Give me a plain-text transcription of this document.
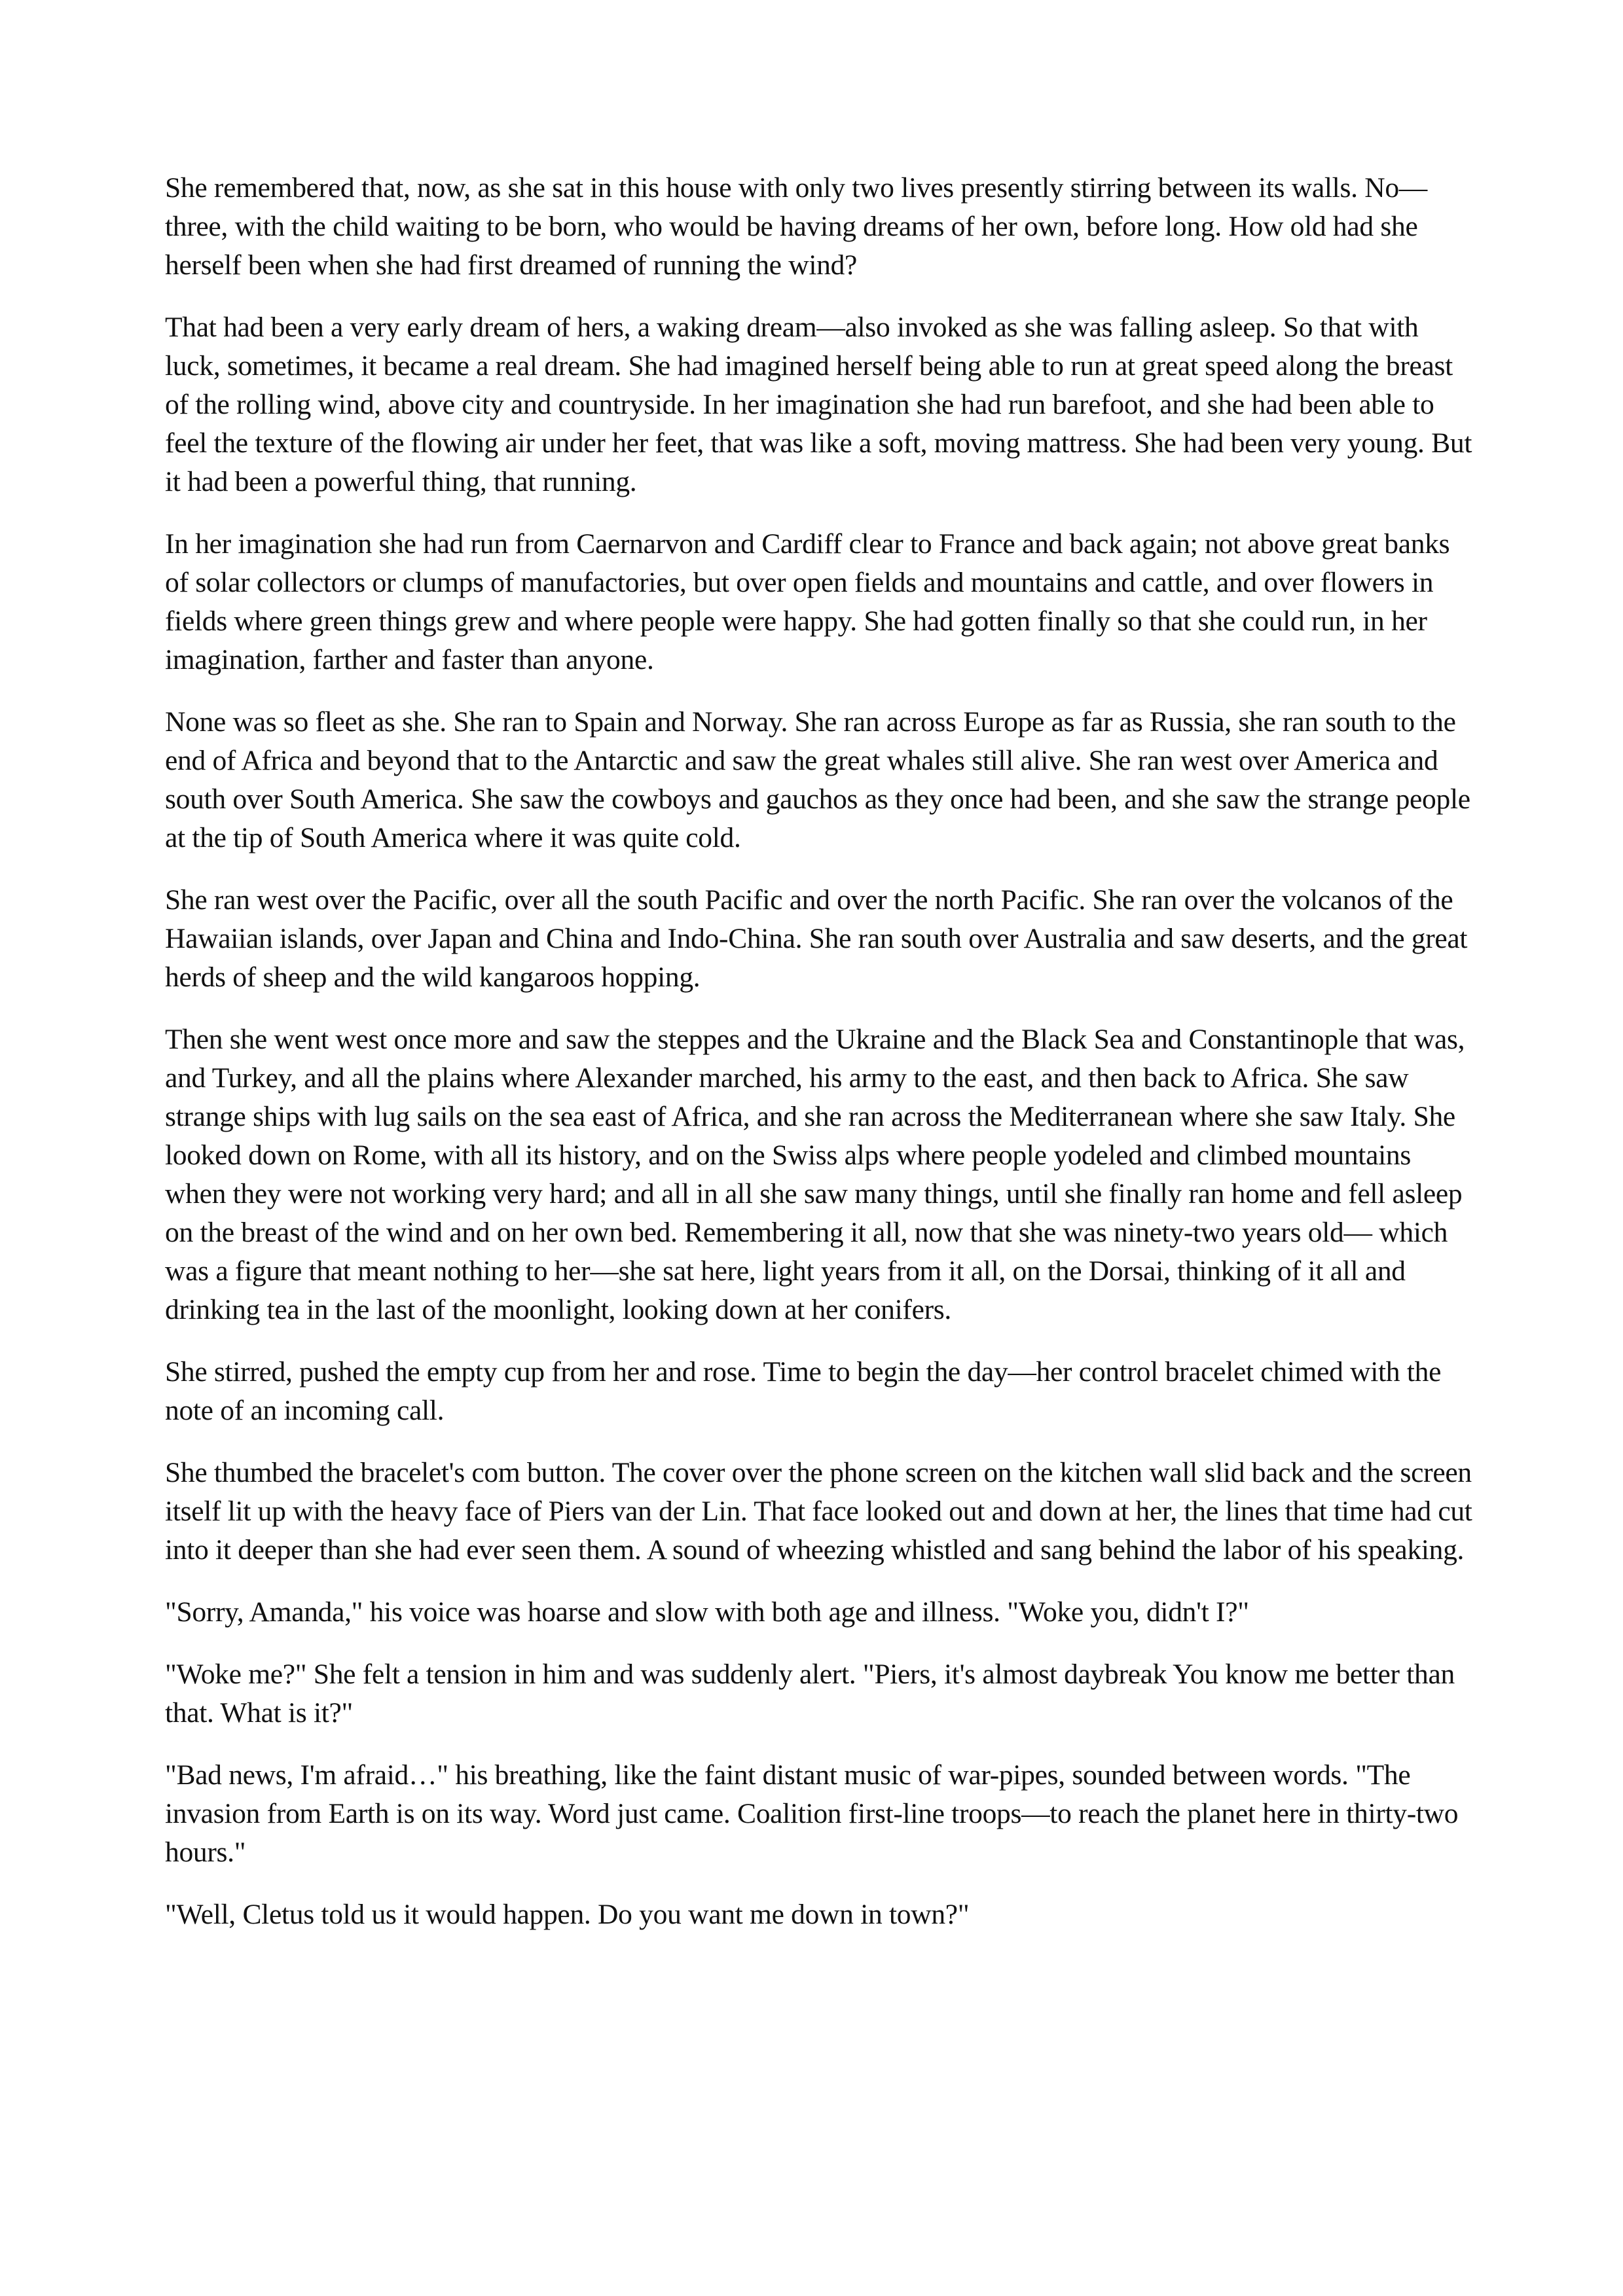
She remembered that, now, as she sat in this house with only two lives presently stirring between its walls. No— three, with the child waiting to be born, who would be having dreams of her own, before long. How old had she herself been when she had first dreamed of running the wind?

That had been a very early dream of hers, a waking dream—also invoked as she was falling asleep. So that with luck, sometimes, it became a real dream. She had imagined herself being able to run at great speed along the breast of the rolling wind, above city and countryside. In her imagination she had run barefoot, and she had been able to feel the texture of the flowing air under her feet, that was like a soft, moving mattress. She had been very young. But it had been a powerful thing, that running.

In her imagination she had run from Caernarvon and Cardiff clear to France and back again; not above great banks of solar collectors or clumps of manufactories, but over open fields and mountains and cattle, and over flowers in fields where green things grew and where people were happy. She had gotten finally so that she could run, in her imagination, farther and faster than anyone.

None was so fleet as she. She ran to Spain and Norway. She ran across Europe as far as Russia, she ran south to the end of Africa and beyond that to the Antarctic and saw the great whales still alive. She ran west over America and south over South America. She saw the cowboys and gauchos as they once had been, and she saw the strange people at the tip of South America where it was quite cold.

She ran west over the Pacific, over all the south Pacific and over the north Pacific. She ran over the volcanos of the Hawaiian islands, over Japan and China and Indo-China. She ran south over Australia and saw deserts, and the great herds of sheep and the wild kangaroos hopping.

Then she went west once more and saw the steppes and the Ukraine and the Black Sea and Constantinople that was, and Turkey, and all the plains where Alexander marched, his army to the east, and then back to Africa. She saw strange ships with lug sails on the sea east of Africa, and she ran across the Mediterranean where she saw Italy. She looked down on Rome, with all its history, and on the Swiss alps where people yodeled and climbed mountains when they were not working very hard; and all in all she saw many things, until she finally ran home and fell asleep on the breast of the wind and on her own bed. Remembering it all, now that she was ninety-two years old— which was a figure that meant nothing to her—she sat here, light years from it all, on the Dorsai, thinking of it all and drinking tea in the last of the moonlight, looking down at her conifers.

She stirred, pushed the empty cup from her and rose. Time to begin the day—her control bracelet chimed with the note of an incoming call.

She thumbed the bracelet's com button. The cover over the phone screen on the kitchen wall slid back and the screen itself lit up with the heavy face of Piers van der Lin. That face looked out and down at her, the lines that time had cut into it deeper than she had ever seen them. A sound of wheezing whistled and sang behind the labor of his speaking.

"Sorry, Amanda," his voice was hoarse and slow with both age and illness. "Woke you, didn't I?"

"Woke me?" She felt a tension in him and was suddenly alert. "Piers, it's almost daybreak You know me better than that. What is it?"

"Bad news, I'm afraid…" his breathing, like the faint distant music of war-pipes, sounded between words. "The invasion from Earth is on its way. Word just came. Coalition first-line troops—to reach the planet here in thirty-two hours."

"Well, Cletus told us it would happen. Do you want me down in town?"
